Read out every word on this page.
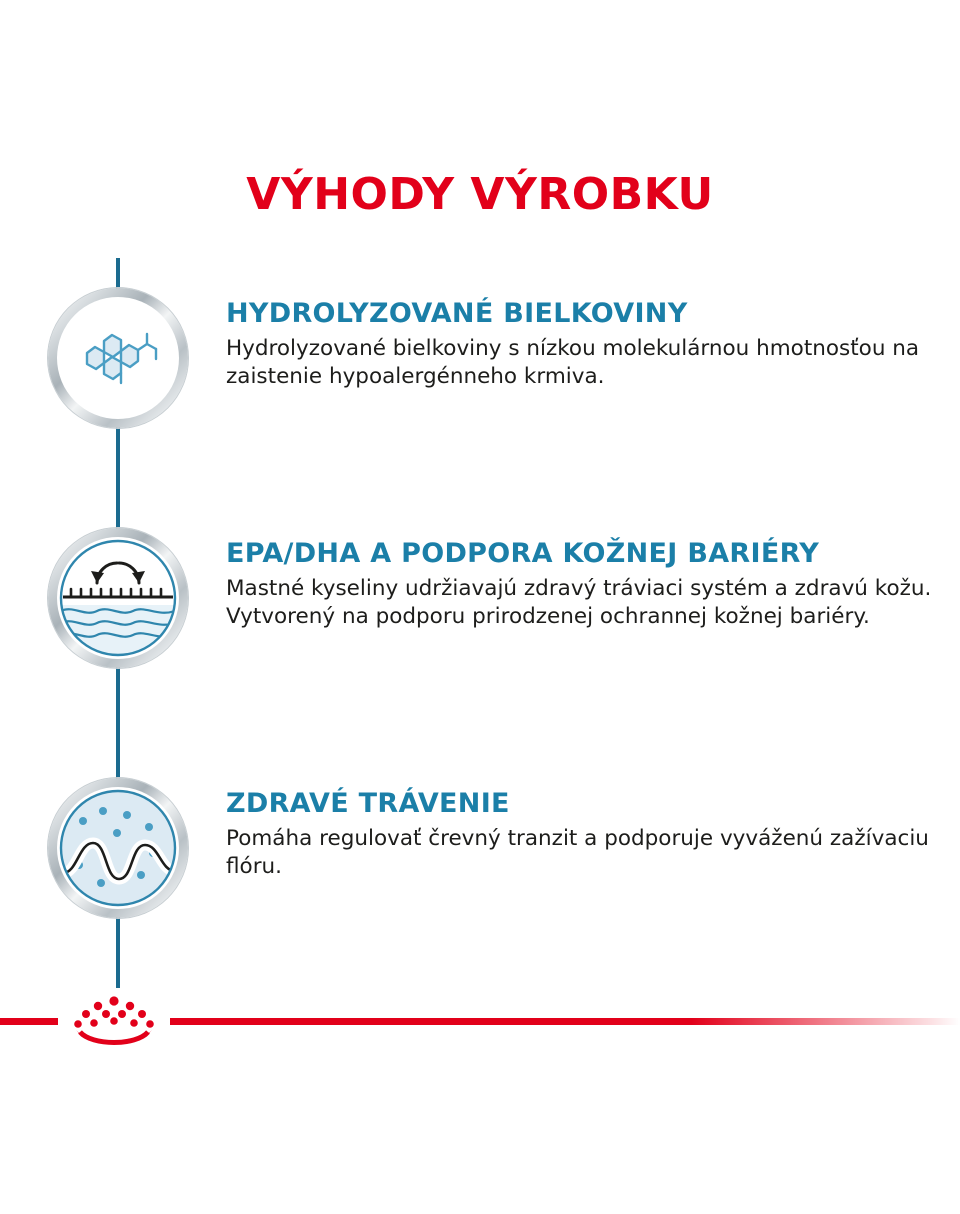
VÝHODY VÝROBKU

HYDROLYZOVANÉ BIELKOVINY

Hydrolyzované bielkoviny s nízkou molekulárnou hmotnosťou na zaistenie hypoalergénneho krmiva.

EPA/DHA A PODPORA KOŽNEJ BARIÉRY

Mastné kyseliny udržiavajú zdravý tráviaci systém a zdravú kožu. Vytvorený na podporu prirodzenej ochrannej kožnej bariéry.

ZDRAVÉ TRÁVENIE

Pomáha regulovať črevný tranzit a podporuje vyváženú zažívaciu flóru.
